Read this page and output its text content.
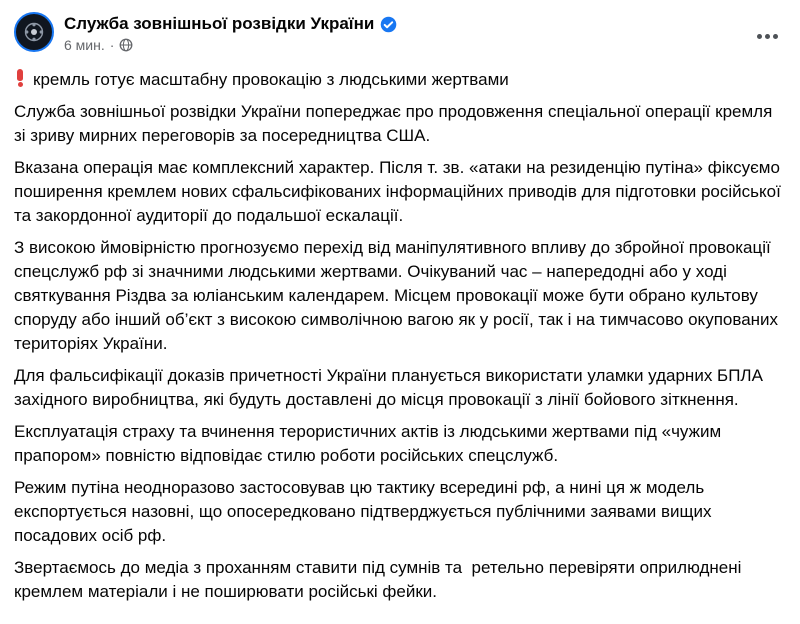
Служба зовнішньої розвідки України
6 мин. ·

кремль готує масштабну провокацію з людськими жертвами

Служба зовнішньої розвідки України попереджає про продовження спеціальної операції кремля зі зриву мирних переговорів за посередництва США.

Вказана операція має комплексний характер. Після т. зв. «атаки на резиденцію путіна» фіксуємо поширення кремлем нових сфальсифікованих інформаційних приводів для підготовки російської та закордонної аудиторії до подальшої ескалації.

З високою ймовірністю прогнозуємо перехід від маніпулятивного впливу до збройної провокації спецслужб рф зі значними людськими жертвами. Очікуваний час – напередодні або у ході святкування Різдва за юліанським календарем. Місцем провокації може бути обрано культову споруду або інший об’єкт з високою символічною вагою як у росії, так і на тимчасово окупованих територіях України.

Для фальсифікації доказів причетності України планується використати уламки ударних БПЛА західного виробництва, які будуть доставлені до місця провокації з лінії бойового зіткнення.

Експлуатація страху та вчинення терористичних актів із людськими жертвами під «чужим прапором» повністю відповідає стилю роботи російських спецслужб.

Режим путіна неодноразово застосовував цю тактику всередині рф, а нині ця ж модель експортується назовні, що опосередковано підтверджується публічними заявами вищих посадових осіб рф.

Звертаємось до медіа з проханням ставити під сумнів та  ретельно перевіряти оприлюднені кремлем матеріали і не поширювати російські фейки.
